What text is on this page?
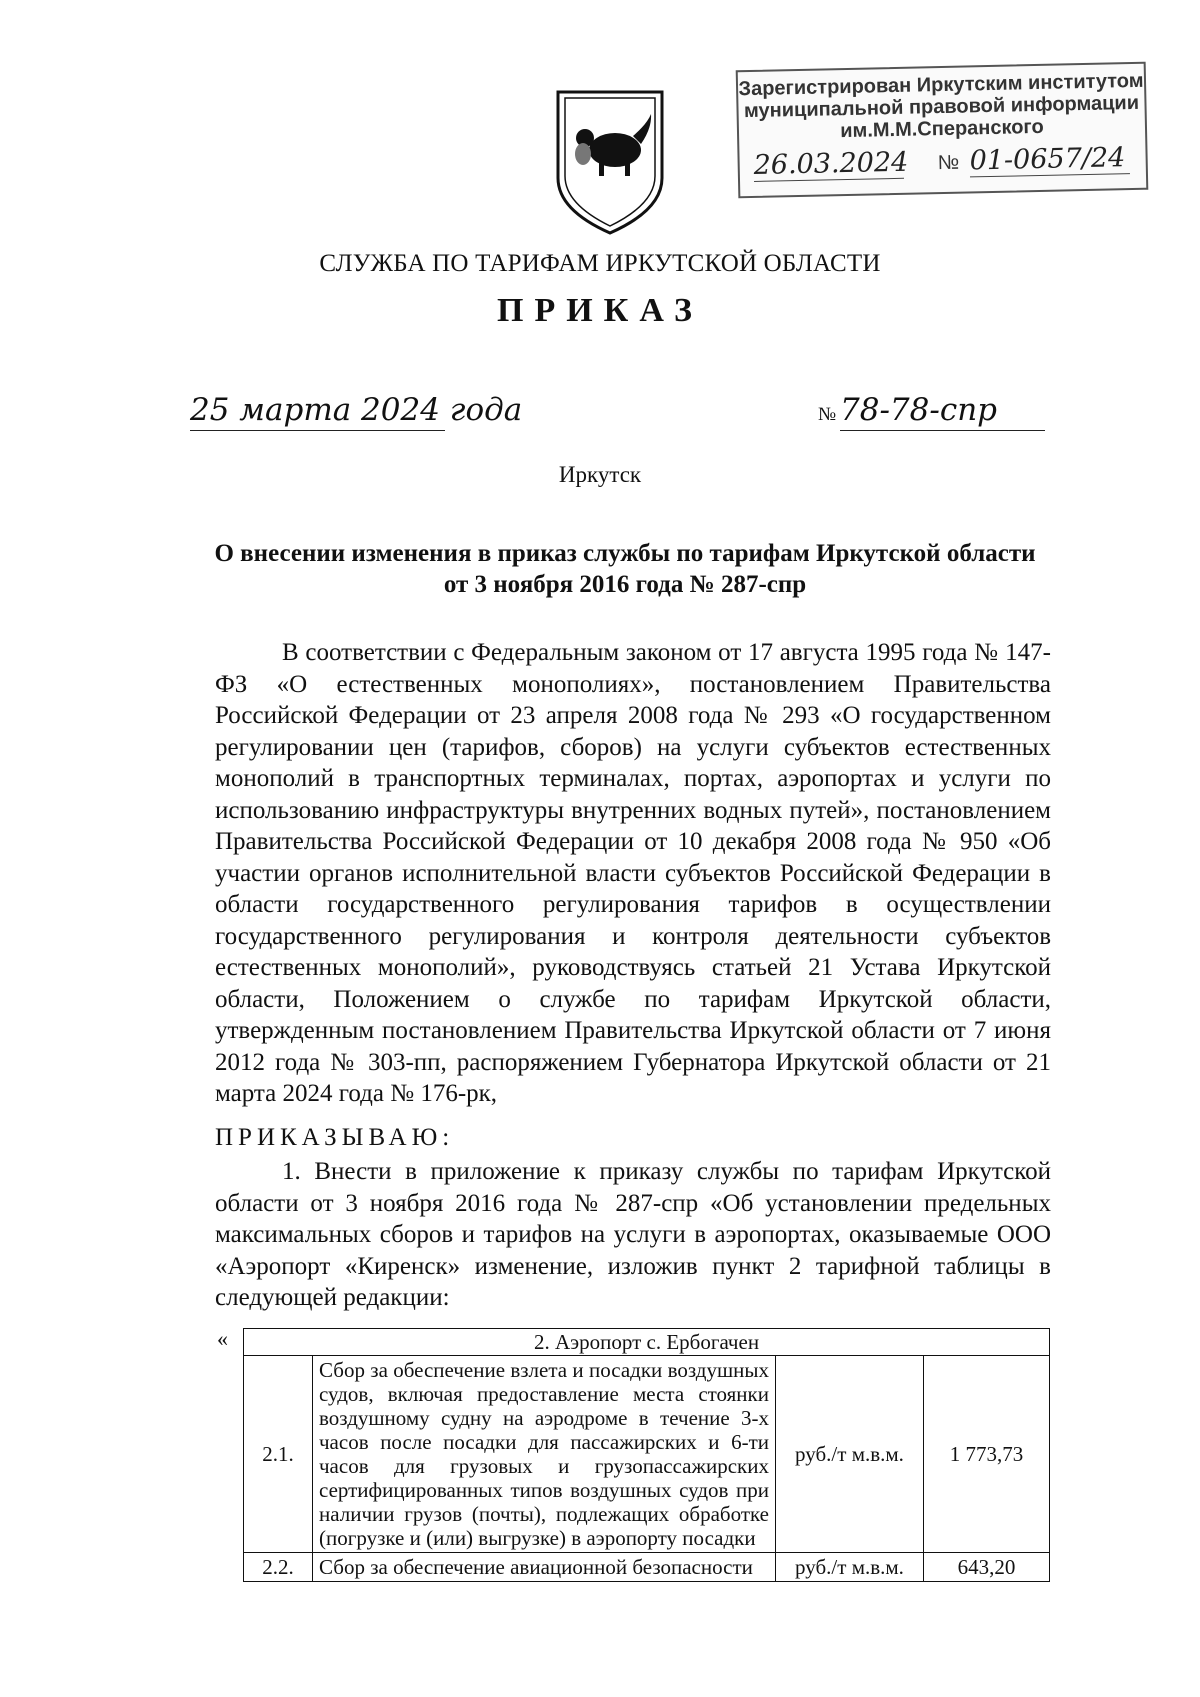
Зарегистрирован Иркутским институтом
муниципальной правовой информации
им.М.М.Сперанского
26.03.2024 № 01-0657/24
СЛУЖБА ПО ТАРИФАМ ИРКУТСКОЙ ОБЛАСТИ
ПРИКАЗ
25 марта 2024 года	№ 78-78-спр
Иркутск
О внесении изменения в приказ службы по тарифам Иркутской области от 3 ноября 2016 года № 287-спр
В соответствии с Федеральным законом от 17 августа 1995 года № 147-ФЗ «О естественных монополиях», постановлением Правительства Российской Федерации от 23 апреля 2008 года № 293 «О государственном регулировании цен (тарифов, сборов) на услуги субъектов естественных монополий в транспортных терминалах, портах, аэропортах и услуги по использованию инфраструктуры внутренних водных путей», постановлением Правительства Российской Федерации от 10 декабря 2008 года № 950 «Об участии органов исполнительной власти субъектов Российской Федерации в области государственного регулирования тарифов в осуществлении государственного регулирования и контроля деятельности субъектов естественных монополий», руководствуясь статьей 21 Устава Иркутской области, Положением о службе по тарифам Иркутской области, утвержденным постановлением Правительства Иркутской области от 7 июня 2012 года № 303-пп, распоряжением Губернатора Иркутской области от 21 марта 2024 года № 176-рк,
ПРИКАЗЫВАЮ:
1. Внести в приложение к приказу службы по тарифам Иркутской области от 3 ноября 2016 года № 287-спр «Об установлении предельных максимальных сборов и тарифов на услуги в аэропортах, оказываемые ООО «Аэропорт «Киренск» изменение, изложив пункт 2 тарифной таблицы в следующей редакции:
«	2. Аэропорт с. Ербогачен			
2.1.	Сбор за обеспечение взлета и посадки воздушных судов, включая предоставление места стоянки воздушному судну на аэродроме в течение 3-х часов после посадки для пассажирских и 6-ти часов для грузовых и грузопассажирских сертифицированных типов воздушных судов при наличии грузов (почты), подлежащих обработке (погрузке и (или) выгрузке) в аэропорту посадки	руб./т м.в.м.	1 773,73
2.2.	Сбор за обеспечение авиационной безопасности	руб./т м.в.м.	643,20
